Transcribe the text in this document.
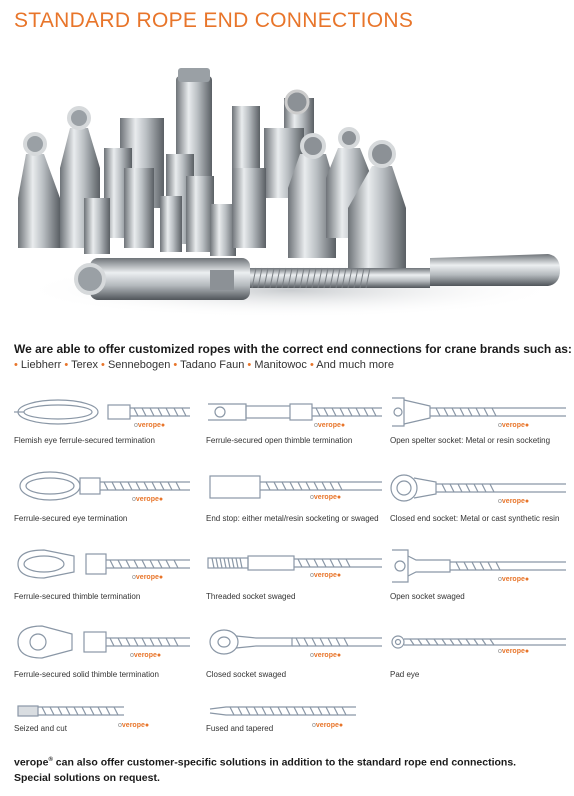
STANDARD ROPE END CONNECTIONS

We are able to offer customized ropes with the correct end connections for crane brands such as:

• Liebherr • Terex • Sennebogen • Tadano Faun • Manitowoc • And much more
overope●
Flemish eye ferrule-secured termination
overope●
Ferrule-secured open thimble termination
overope●
Open spelter socket: Metal or resin socketing
overope●
Ferrule-secured eye termination
overope●
End stop: either metal/resin socketing or swaged
overope●
Closed end socket: Metal or cast synthetic resin
overope●
Ferrule-secured thimble termination
overope●
Threaded socket swaged
overope●
Open socket swaged
overope●
Ferrule-secured solid thimble termination
overope●
Closed socket swaged
overope●
Pad eye
overope●
Seized and cut	overope●
Fused and tapered

verope® can also offer customer-specific solutions in addition to the standard rope end connections. Special solutions on request.
